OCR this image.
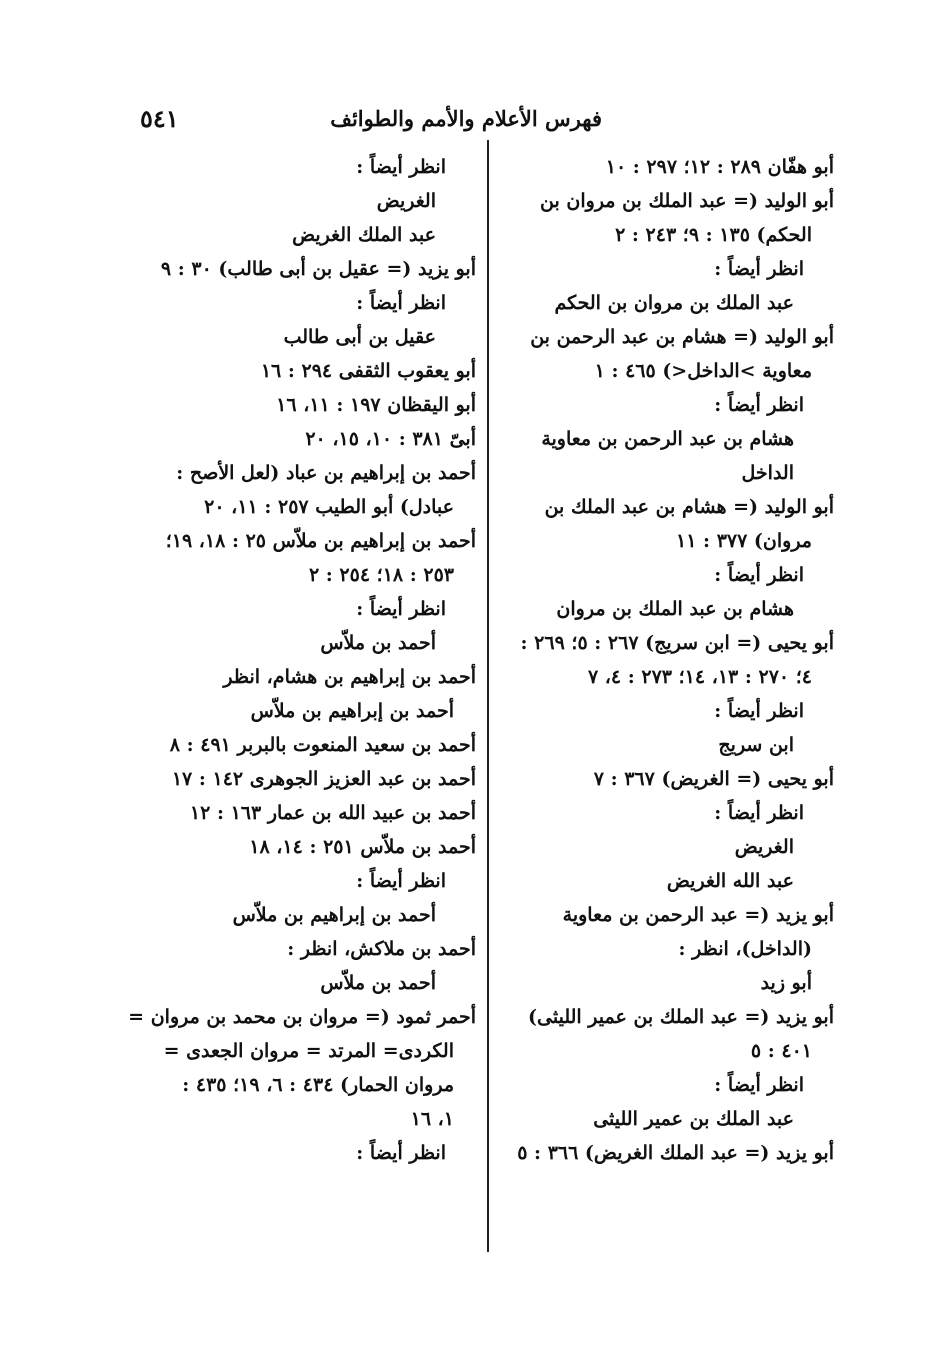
٥٤١	فهرس الأعلام والأمم والطوائف
أبو هفّان ٢٨٩ : ١٢؛ ٢٩٧ : ١٠
أبو الوليد (= عبد الملك بن مروان بن
الحكم) ١٣٥ : ٩؛ ٢٤٣ : ٢
انظر أيضاً :
عبد الملك بن مروان بن الحكم
أبو الوليد (= هشام بن عبد الرحمن بن
معاوية >الداخل<) ٤٦٥ : ١
انظر أيضاً :
هشام بن عبد الرحمن بن معاوية
الداخل
أبو الوليد (= هشام بن عبد الملك بن
مروان) ٣٧٧ : ١١
انظر أيضاً :
هشام بن عبد الملك بن مروان
أبو يحيى (= ابن سريج) ٢٦٧ : ٥؛ ٢٦٩ :
٤؛ ٢٧٠ : ١٣، ١٤؛ ٢٧٣ : ٤، ٧
انظر أيضاً :
ابن سريج
أبو يحيى (= الغريض) ٣٦٧ : ٧
انظر أيضاً :
الغريض
عبد الله الغريض
أبو يزيد (= عبد الرحمن بن معاوية
(الداخل)، انظر :
أبو زيد
أبو يزيد (= عبد الملك بن عمير الليثى)
٤٠١ : ٥
انظر أيضاً :
عبد الملك بن عمير الليثى
أبو يزيد (= عبد الملك الغريض) ٣٦٦ : ٥
انظر أيضاً :
الغريض
عبد الملك الغريض
أبو يزيد (= عقيل بن أبى طالب) ٣٠ : ٩
انظر أيضاً :
عقيل بن أبى طالب
أبو يعقوب الثقفى ٢٩٤ : ١٦
أبو اليقظان ١٩٧ : ١١، ١٦
أبىّ ٣٨١ : ١٠، ١٥، ٢٠
أحمد بن إبراهيم بن عباد (لعل الأصح :
عبادل) أبو الطيب ٢٥٧ : ١١، ٢٠
أحمد بن إبراهيم بن ملاّس ٢٥ : ١٨، ١٩؛
٢٥٣ : ١٨؛ ٢٥٤ : ٢
انظر أيضاً :
أحمد بن ملاّس
أحمد بن إبراهيم بن هشام، انظر
أحمد بن إبراهيم بن ملاّس
أحمد بن سعيد المنعوت بالبربر ٤٩١ : ٨
أحمد بن عبد العزيز الجوهرى ١٤٢ : ١٧
أحمد بن عبيد الله بن عمار ١٦٣ : ١٢
أحمد بن ملاّس ٢٥١ : ١٤، ١٨
انظر أيضاً :
أحمد بن إبراهيم بن ملاّس
أحمد بن ملاكش، انظر :
أحمد بن ملاّس
أحمر ثمود (= مروان بن محمد بن مروان =
الكردى= المرتد = مروان الجعدى =
مروان الحمار) ٤٣٤ : ٦، ١٩؛ ٤٣٥ :
١، ١٦
انظر أيضاً :
